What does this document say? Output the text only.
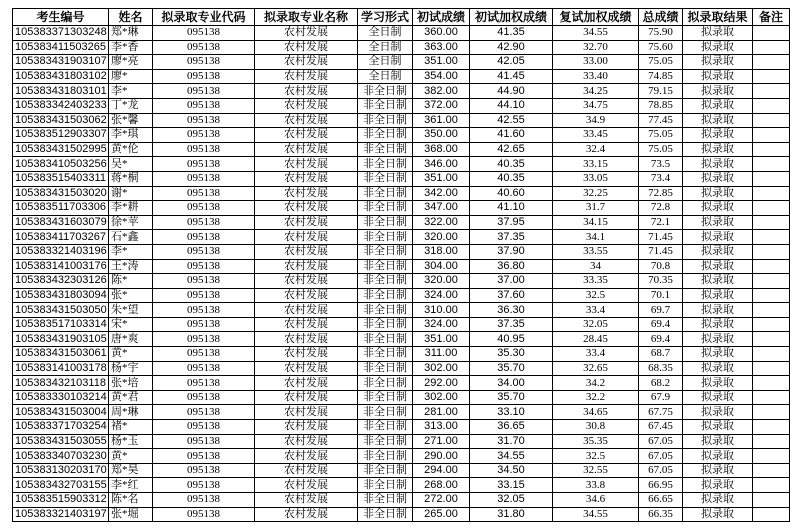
考生编号	姓名	拟录取专业代码	拟录取专业名称	学习形式	初试成绩	初试加权成绩	复试加权成绩	总成绩	拟录取结果	备注
105383371303248	郑*琳	095138	农村发展	全日制	360.00	41.35	34.55	75.90	拟录取	
105383411503265	李*香	095138	农村发展	全日制	363.00	42.90	32.70	75.60	拟录取	
105383431903107	廖*亮	095138	农村发展	全日制	351.00	42.05	33.00	75.05	拟录取	
105383431803102	廖*	095138	农村发展	全日制	354.00	41.45	33.40	74.85	拟录取	
105383431803101	李*	095138	农村发展	非全日制	382.00	44.90	34.25	79.15	拟录取	
105383342403233	丁*龙	095138	农村发展	非全日制	372.00	44.10	34.75	78.85	拟录取	
105383431503062	张*馨	095138	农村发展	非全日制	361.00	42.55	34.9	77.45	拟录取	
105383512903307	李*琪	095138	农村发展	非全日制	350.00	41.60	33.45	75.05	拟录取	
105383431502995	黄*伦	095138	农村发展	非全日制	368.00	42.65	32.4	75.05	拟录取	
105383410503256	吴*	095138	农村发展	非全日制	346.00	40.35	33.15	73.5	拟录取	
105383515403311	蒋*桐	095138	农村发展	非全日制	351.00	40.35	33.05	73.4	拟录取	
105383431503020	谢*	095138	农村发展	非全日制	342.00	40.60	32.25	72.85	拟录取	
105383511703306	李*耕	095138	农村发展	非全日制	347.00	41.10	31.7	72.8	拟录取	
105383431603079	徐*苹	095138	农村发展	非全日制	322.00	37.95	34.15	72.1	拟录取	
105383411703267	石*鑫	095138	农村发展	非全日制	320.00	37.35	34.1	71.45	拟录取	
105383321403196	李*	095138	农村发展	非全日制	318.00	37.90	33.55	71.45	拟录取	
105383141003176	王*涛	095138	农村发展	非全日制	304.00	36.80	34	70.8	拟录取	
105383432303126	陈*	095138	农村发展	非全日制	320.00	37.00	33.35	70.35	拟录取	
105383431803094	张*	095138	农村发展	非全日制	324.00	37.60	32.5	70.1	拟录取	
105383431503050	朱*望	095138	农村发展	非全日制	310.00	36.30	33.4	69.7	拟录取	
105383517103314	宋*	095138	农村发展	非全日制	324.00	37.35	32.05	69.4	拟录取	
105383431903105	唐*爽	095138	农村发展	非全日制	351.00	40.95	28.45	69.4	拟录取	
105383431503061	黄*	095138	农村发展	非全日制	311.00	35.30	33.4	68.7	拟录取	
105383141003178	杨*宇	095138	农村发展	非全日制	302.00	35.70	32.65	68.35	拟录取	
105383432103118	张*培	095138	农村发展	非全日制	292.00	34.00	34.2	68.2	拟录取	
105383330103214	黄*君	095138	农村发展	非全日制	302.00	35.70	32.2	67.9	拟录取	
105383431503004	周*琳	095138	农村发展	非全日制	281.00	33.10	34.65	67.75	拟录取	
105383371703254	褚*	095138	农村发展	非全日制	313.00	36.65	30.8	67.45	拟录取	
105383431503055	杨*玉	095138	农村发展	非全日制	271.00	31.70	35.35	67.05	拟录取	
105383340703230	黄*	095138	农村发展	非全日制	290.00	34.55	32.5	67.05	拟录取	
105383130203170	郑*昊	095138	农村发展	非全日制	294.00	34.50	32.55	67.05	拟录取	
105383432703155	李*红	095138	农村发展	非全日制	268.00	33.15	33.8	66.95	拟录取	
105383515903312	陈*名	095138	农村发展	非全日制	272.00	32.05	34.6	66.65	拟录取	
105383321403197	张*堀	095138	农村发展	非全日制	265.00	31.80	34.55	66.35	拟录取	
